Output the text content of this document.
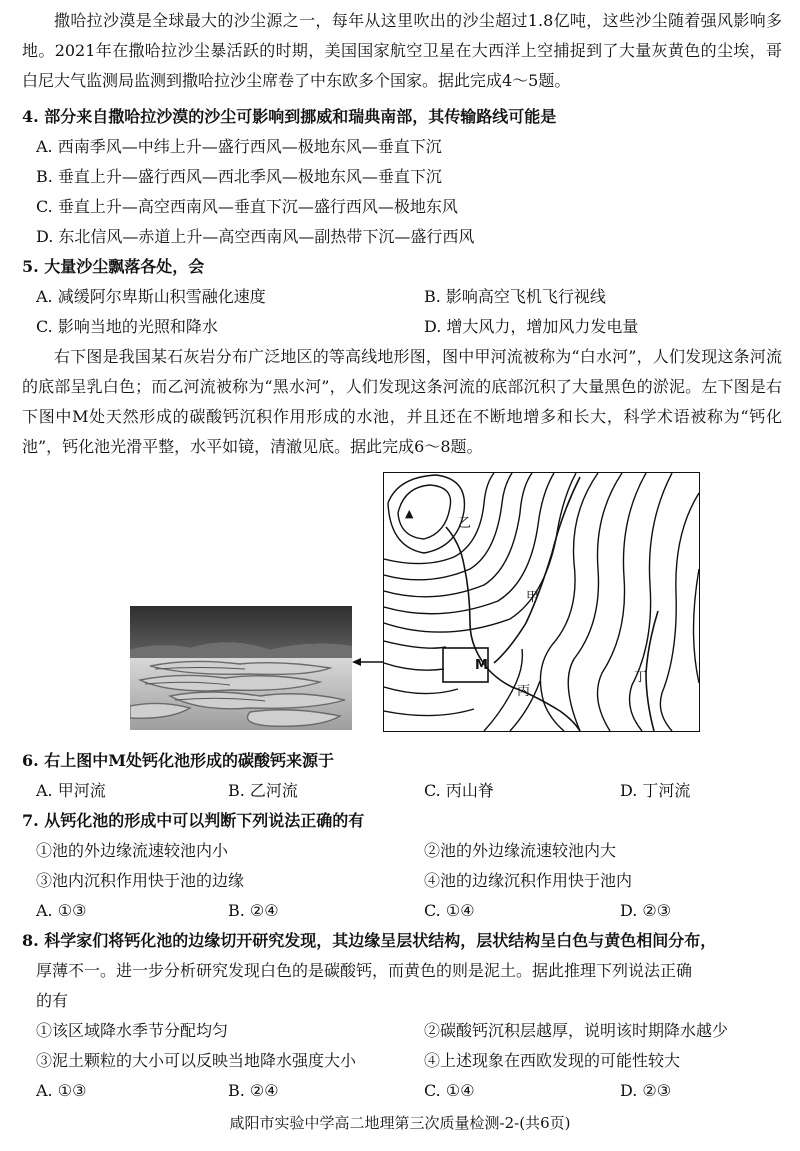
撒哈拉沙漠是全球最大的沙尘源之一，每年从这里吹出的沙尘超过1.8亿吨，这些沙尘随着强风影响多地。2021年在撒哈拉沙尘暴活跃的时期，美国国家航空卫星在大西洋上空捕捉到了大量灰黄色的尘埃，哥白尼大气监测局监测到撒哈拉沙尘席卷了中东欧多个国家。据此完成4～5题。

4. 部分来自撒哈拉沙漠的沙尘可影响到挪威和瑞典南部，其传输路线可能是
A. 西南季风—中纬上升—盛行西风—极地东风—垂直下沉
B. 垂直上升—盛行西风—西北季风—极地东风—垂直下沉
C. 垂直上升—高空西南风—垂直下沉—盛行西风—极地东风
D. 东北信风—赤道上升—高空西南风—副热带下沉—盛行西风
5. 大量沙尘飘落各处，会
A. 减缓阿尔卑斯山积雪融化速度	B. 影响高空飞机飞行视线
C. 影响当地的光照和降水	D. 增大风力，增加风力发电量

右下图是我国某石灰岩分布广泛地区的等高线地形图，图中甲河流被称为“白水河”，人们发现这条河流的底部呈乳白色；而乙河流被称为“黑水河”，人们发现这条河流的底部沉积了大量黑色的淤泥。左下图是右下图中M处天然形成的碳酸钙沉积作用形成的水池，并且还在不断地增多和长大，科学术语被称为“钙化池”，钙化池光滑平整，水平如镜，清澈见底。据此完成6～8题。

▲
乙
甲
M
丙
丁
6. 右上图中M处钙化池形成的碳酸钙来源于
A. 甲河流	B. 乙河流	C. 丙山脊	D. 丁河流
7. 从钙化池的形成中可以判断下列说法正确的有
①池的外边缘流速较池内小	②池的外边缘流速较池内大
③池内沉积作用快于池的边缘	④池的边缘沉积作用快于池内
A. ①③	B. ②④	C. ①④	D. ②③
8. 科学家们将钙化池的边缘切开研究发现，其边缘呈层状结构，层状结构呈白色与黄色相间分布，
厚薄不一。进一步分析研究发现白色的是碳酸钙，而黄色的则是泥土。据此推理下列说法正确
的有
①该区域降水季节分配均匀	②碳酸钙沉积层越厚，说明该时期降水越少
③泥土颗粒的大小可以反映当地降水强度大小	④上述现象在西欧发现的可能性较大
A. ①③	B. ②④	C. ①④	D. ②③
咸阳市实验中学高二地理第三次质量检测-2-(共6页)
